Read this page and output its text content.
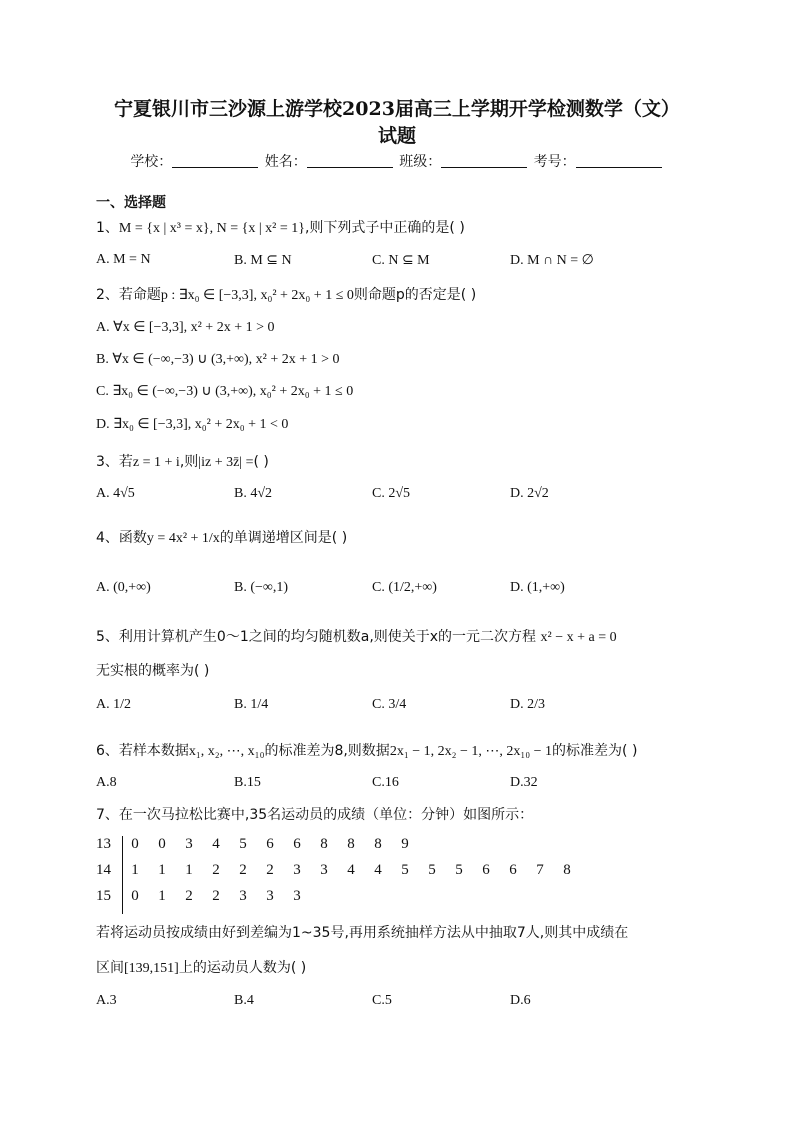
宁夏银川市三沙源上游学校2023届高三上学期开学检测数学（文）
试题
学校：	姓名：	班级：	考号：
一、选择题
1、M = {x | x³ = x}, N = {x | x² = 1},则下列式子中正确的是( )
A. M = N	B. M ⊆ N	C. N ⊆ M	D. M ∩ N = ∅
2、若命题p : ∃x₀ ∈ [−3,3], x₀² + 2x₀ + 1 ≤ 0则命题p的否定是( )
A. ∀x ∈ [−3,3], x² + 2x + 1 > 0
B. ∀x ∈ (−∞,−3) ∪ (3,+∞), x² + 2x + 1 > 0
C. ∃x₀ ∈ (−∞,−3) ∪ (3,+∞), x₀² + 2x₀ + 1 ≤ 0
D. ∃x₀ ∈ [−3,3], x₀² + 2x₀ + 1 < 0
3、若z = 1 + i,则|iz + 3z̄| =( )
A. 4√5	B. 4√2	C. 2√5	D. 2√2
4、函数y = 4x² + 1/x的单调递增区间是( )
A. (0,+∞)	B. (−∞,1)	C. (1/2,+∞)	D. (1,+∞)
5、利用计算机产生0～1之间的均匀随机数a,则使关于x的一元二次方程 x² − x + a = 0
无实根的概率为( )
A. 1/2	B. 1/4	C. 3/4	D. 2/3
6、若样本数据x₁, x₂, ⋯, x₁₀的标准差为8,则数据2x₁ − 1, 2x₂ − 1, ⋯, 2x₁₀ − 1的标准差为( )
A.8	B.15	C.16	D.32
7、在一次马拉松比赛中,35名运动员的成绩（单位：分钟）如图所示：
13	0 0 3 4 5 6 6 8 8 8 9
14	1 1 1 2 2 2 3 3 4 4 5 5 5 6 6 7 8
15	0 1 2 2 3 3 3
若将运动员按成绩由好到差编为1~35号,再用系统抽样方法从中抽取7人,则其中成绩在
区间[139,151]上的运动员人数为( )
A.3	B.4	C.5	D.6
